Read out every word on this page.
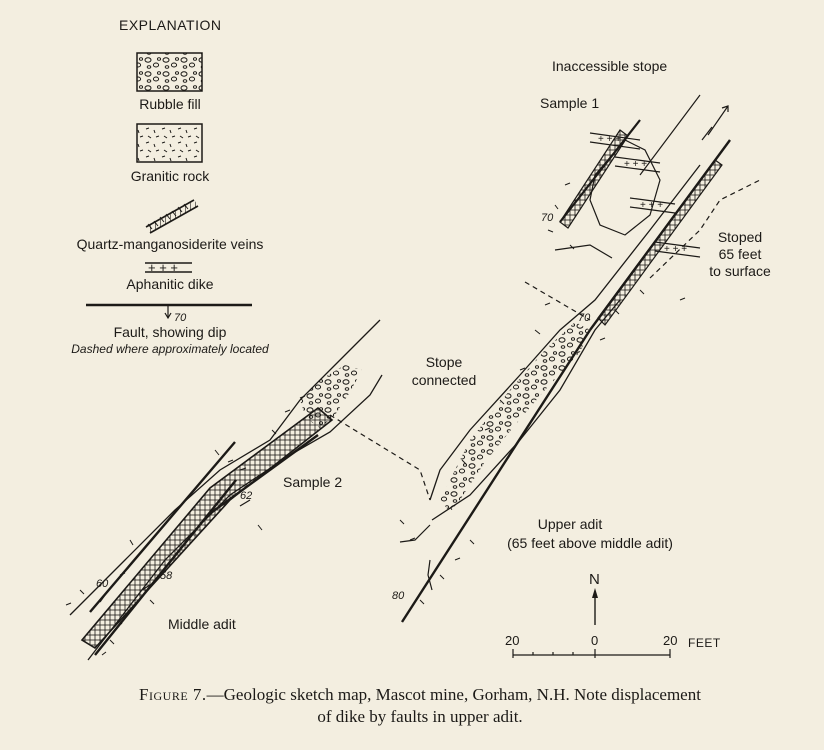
+ + +
+ + +
+ + +
+ + +
+ + +
EXPLANATION
Rubble fill
Granitic rock
Quartz-manganosiderite veins
Aphanitic dike
70
Fault, showing dip
Dashed where approximately located
Inaccessible stope
Sample 1
Stoped
65 feet
to surface
Stope
connected
Sample 2
Upper adit
(65 feet above middle adit)
Middle adit
N
70
70
62
58
60
80
20	0	20 FEET
Figure 7.—Geologic sketch map, Mascot mine, Gorham, N.H. Note displacement
of dike by faults in upper adit.
